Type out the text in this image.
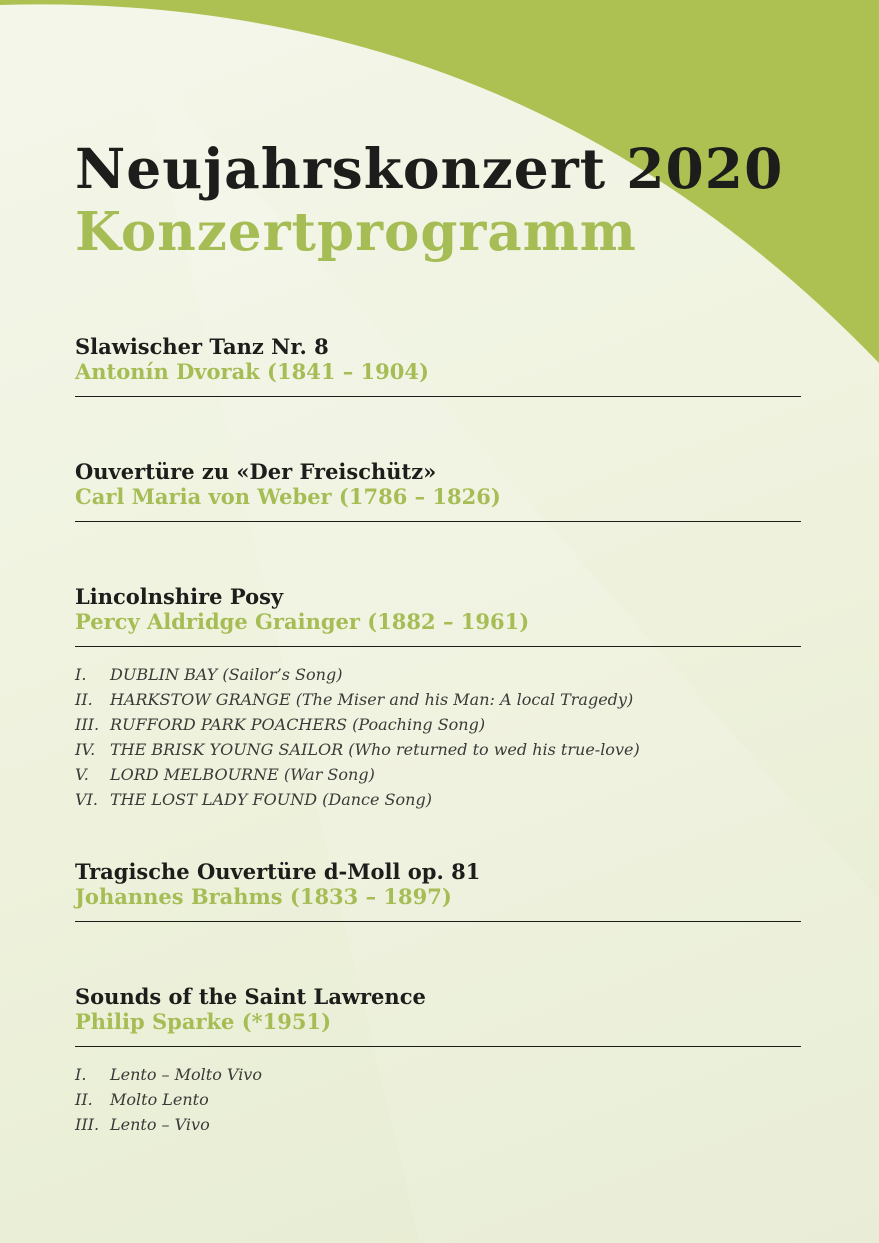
Neujahrskonzert 2020
Konzertprogramm
Slawischer Tanz Nr. 8
Antonín Dvorak (1841 – 1904)
Ouvertüre zu «Der Freischütz»
Carl Maria von Weber (1786 – 1826)
Lincolnshire Posy
Percy Aldridge Grainger (1882 – 1961)
I.	DUBLIN BAY (Sailor’s Song)
II.	HARKSTOW GRANGE (The Miser and his Man: A local Tragedy)
III. RUFFORD PARK POACHERS (Poaching Song)
IV. THE BRISK YOUNG SAILOR (Who returned to wed his true-love)
V.	LORD MELBOURNE (War Song)
VI. THE LOST LADY FOUND (Dance Song)
Tragische Ouvertüre d-Moll op. 81
Johannes Brahms (1833 – 1897)
Sounds of the Saint Lawrence
Philip Sparke (*1951)
I.	Lento – Molto Vivo
II.	Molto Lento
III. Lento – Vivo
